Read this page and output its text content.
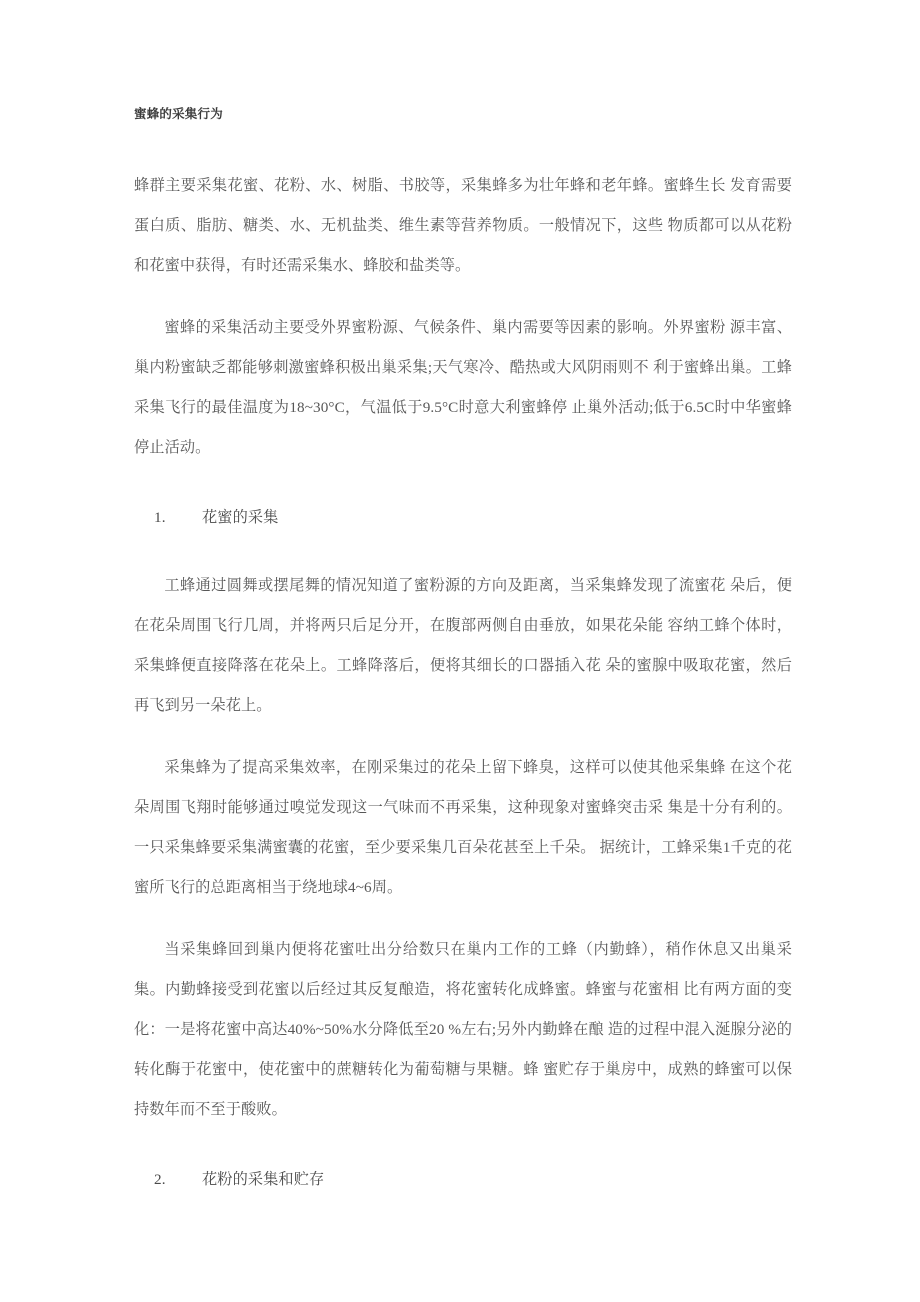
蜜蜂的采集行为

蜂群主要采集花蜜、花粉、水、树脂、书胶等，采集蜂多为壮年蜂和老年蜂。蜜蜂生长 发育需要蛋白质、脂肪、糖类、水、无机盐类、维生素等营养物质。一般情况下，这些 物质都可以从花粉和花蜜中获得，有时还需采集水、蜂胶和盐类等。

蜜蜂的采集活动主要受外界蜜粉源、气候条件、巢内需要等因素的影响。外界蜜粉 源丰富、巢内粉蜜缺乏都能够刺激蜜蜂积极出巢采集;天气寒冷、酷热或大风阴雨则不 利于蜜蜂出巢。工蜂采集飞行的最佳温度为18~30°C，气温低于9.5°C时意大利蜜蜂停 止巢外活动;低于6.5C时中华蜜蜂停止活动。

1. 花蜜的采集

工蜂通过圆舞或摆尾舞的情况知道了蜜粉源的方向及距离，当采集蜂发现了流蜜花 朵后，便在花朵周围飞行几周，并将两只后足分开，在腹部两侧自由垂放，如果花朵能 容纳工蜂个体时，采集蜂便直接降落在花朵上。工蜂降落后，便将其细长的口器插入花 朵的蜜腺中吸取花蜜，然后再飞到另一朵花上。

采集蜂为了提高采集效率，在刚采集过的花朵上留下蜂臭，这样可以使其他采集蜂 在这个花朵周围飞翔时能够通过嗅觉发现这一气味而不再采集，这种现象对蜜蜂突击采 集是十分有利的。一只采集蜂要采集满蜜囊的花蜜，至少要采集几百朵花甚至上千朵。 据统计，工蜂采集1千克的花蜜所飞行的总距离相当于绕地球4~6周。

当采集蜂回到巢内便将花蜜吐出分给数只在巢内工作的工蜂（内勤蜂），稍作休息又出巢采集。内勤蜂接受到花蜜以后经过其反复酿造，将花蜜转化成蜂蜜。蜂蜜与花蜜相 比有两方面的变化：一是将花蜜中高达40%~50%水分降低至20 %左右;另外内勤蜂在酿 造的过程中混入涎腺分泌的转化酶于花蜜中，使花蜜中的蔗糖转化为葡萄糖与果糖。蜂 蜜贮存于巢房中，成熟的蜂蜜可以保持数年而不至于酸败。

2. 花粉的采集和贮存
